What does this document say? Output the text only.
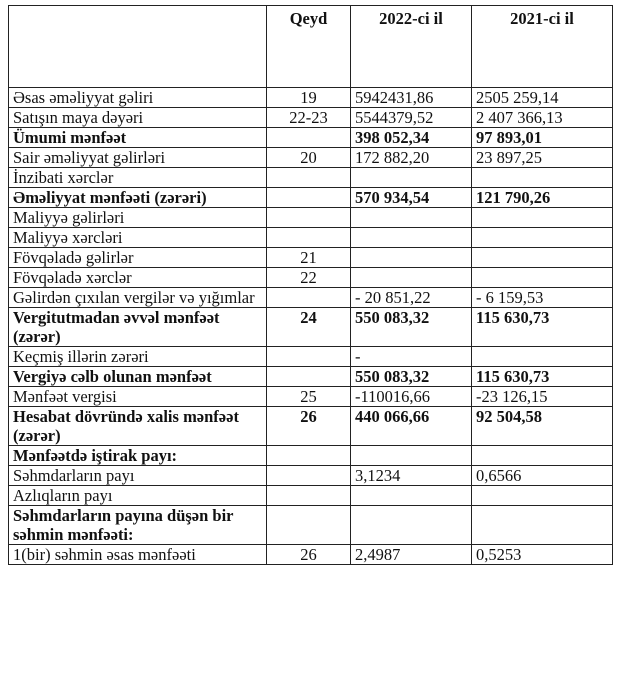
	Qeyd	2022-ci il	2021-ci il
Əsas əməliyyat gəliri	19	5942431,86	2505 259,14
Satışın maya dəyəri	22-23	5544379,52	2 407 366,13
Ümumi mənfəət		398 052,34	97 893,01
Sair əməliyyat gəlirləri	20	172 882,20	23 897,25
İnzibati xərclər			
Əməliyyat mənfəəti (zərəri)		570 934,54	121 790,26
Maliyyə gəlirləri			
Maliyyə xərcləri			
Fövqəladə gəlirlər	21		
Fövqəladə xərclər	22		
Gəlirdən çıxılan vergilər və yığımlar		- 20 851,22	- 6 159,53
Vergitutmadan əvvəl mənfəət (zərər)	24	550 083,32	115 630,73
Keçmiş illərin zərəri		-	
Vergiyə cəlb olunan mənfəət		550 083,32	115 630,73
Mənfəət vergisi	25	-110016,66	-23 126,15
Hesabat dövründə xalis mənfəət (zərər)	26	440 066,66	92 504,58
Mənfəətdə iştirak payı:			
Səhmdarların payı		3,1234	0,6566
Azlıqların payı			
Səhmdarların payına düşən bir səhmin mənfəəti:			
1(bir) səhmin əsas mənfəəti	26	2,4987	0,5253
